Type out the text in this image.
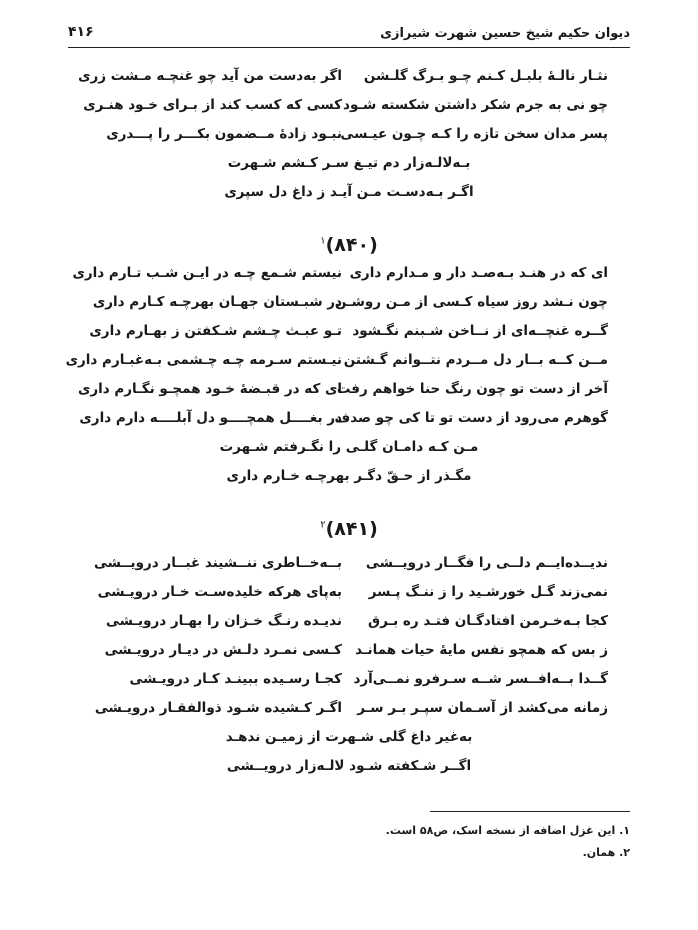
دیوان حکیم شیخ حسین شهرت شیرازی
۴۱۶
نثـار نالـۀ بلبـل کـنم چـو بـرگ گلـشن
اگر به‌دست من آید چو غنچـه مـشت زری
چو نی به جرم شکر داشتن شکسته شـود
کسی که کسب کند از بـرای خـود هنـری
پسر مدان سخن تازه را کـه چـون عیـسی
نبـود زادۀ مــضمون بکـــر را پـــدری
بـه‌لالـه‌زار دم تیـغ سـر کـشم شـهرت
اگـر بـه‌دسـت مـن آیـد ز داغ دل سپری
(۸۴۰)$^۱$
ای که در هنـد بـه‌صـد دار و مـدارم داری
نیستم شـمع چـه در ایـن شـب تـارم داری
چون نـشد روز سیاه کـسی از مـن روشـن
در شبـستان جهـان بهرچـه کـارم داری
گــره غنچــه‌ای از نــاخن شـبنم نگـشود
تـو عبـث چـشم شـکفتن ز بهـارم داری
مــن کــه بــار دل مــردم نتــوانم گـشتن
نیـستم سـرمه چـه چـشمی بـه‌غبـارم داری
آخر از دست تو چون رنگ حنا خواهم رفت
ای که در قبـضۀ خـود همچـو نگـارم داری
گوهرم می‌رود از دست تو تا کی چو صدف
در بغــــل همچــــو دل آبلــــه دارم داری
مـن کـه دامـان گلـی را نگـرفتم شـهرت
مگـذر از حـقّ دگـر بهرچـه خـارم داری
(۸۴۱)$^۲$
ندیــده‌ایــم دلــی را فگــار درویــشی
بــه‌خــاطری ننــشیند غبــار درویــشی
نمی‌زند گـل خورشـید را ز ننـگ پـسر
به‌پای هرکه خلیده‌سـت خـار درویـشی
کجا بـه‌خـرمن افتادگـان فتـد ره بـرق
ندیـده رنـگ خـزان را بهـار درویـشی
ز بس که همچو نفس مایۀ حیات همانـد
کـسی نمـرد دلـش در دیـار درویـشی
گــدا بــه‌افــسر شــه سـرفرو نمــی‌آرد
کجـا رسـیده ببینـد کـار درویـشی
زمانه می‌کشد از آسـمان سپـر بـر سـر
اگـر کـشیده شـود ذوالفقـار درویـشی
به‌غیر داغ گلی شـهرت از زمیـن ندهـد
اگــر شـکفته شـود لالـه‌زار درویــشی
۱. این غزل اضافه از نسخه اسک، ص۵۸ است.
۲. همان.
